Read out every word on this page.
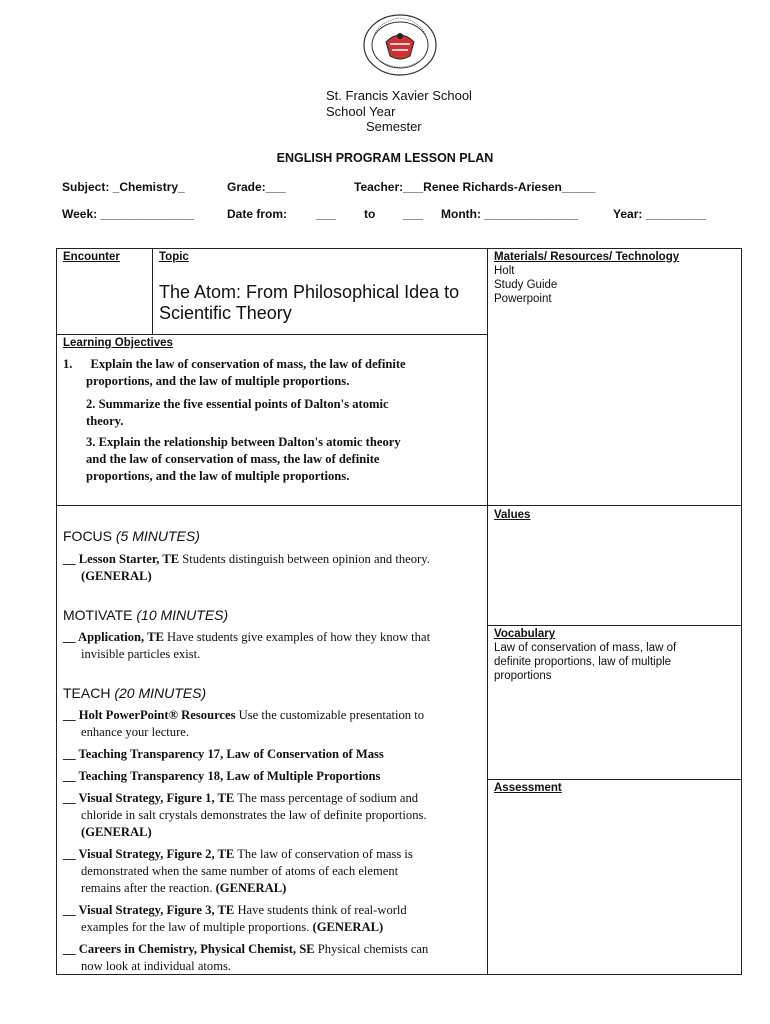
St. Francis Xavier School
School Year
Semester
ENGLISH PROGRAM LESSON PLAN
Subject: _Chemistry_	Grade:___	Teacher:___Renee Richards-Ariesen_____
Week: ______________	Date from: ___ to ___ Month: ______________	Year: _________
Encounter	Topic
The Atom: From Philosophical Idea to Scientific Theory
Materials/ Resources/ Technology
Holt
Study Guide
Powerpoint
Learning Objectives
1. Explain the law of conservation of mass, the law of definite
proportions, and the law of multiple proportions.
2. Summarize the five essential points of Dalton's atomic
theory.
3. Explain the relationship between Dalton's atomic theory
and the law of conservation of mass, the law of definite
proportions, and the law of multiple proportions.
Values
Vocabulary
Law of conservation of mass, law of
definite proportions, law of multiple
proportions
Assessment
FOCUS (5 MINUTES)
__ Lesson Starter, TE Students distinguish between opinion and theory.
(GENERAL)
MOTIVATE (10 MINUTES)
__ Application, TE Have students give examples of how they know that
invisible particles exist.
TEACH (20 MINUTES)
__ Holt PowerPoint® Resources Use the customizable presentation to
enhance your lecture.
__ Teaching Transparency 17, Law of Conservation of Mass
__ Teaching Transparency 18, Law of Multiple Proportions
__ Visual Strategy, Figure 1, TE The mass percentage of sodium and
chloride in salt crystals demonstrates the law of definite proportions.
(GENERAL)
__ Visual Strategy, Figure 2, TE The law of conservation of mass is
demonstrated when the same number of atoms of each element
remains after the reaction. (GENERAL)
__ Visual Strategy, Figure 3, TE Have students think of real-world
examples for the law of multiple proportions. (GENERAL)
__ Careers in Chemistry, Physical Chemist, SE Physical chemists can
now look at individual atoms.
